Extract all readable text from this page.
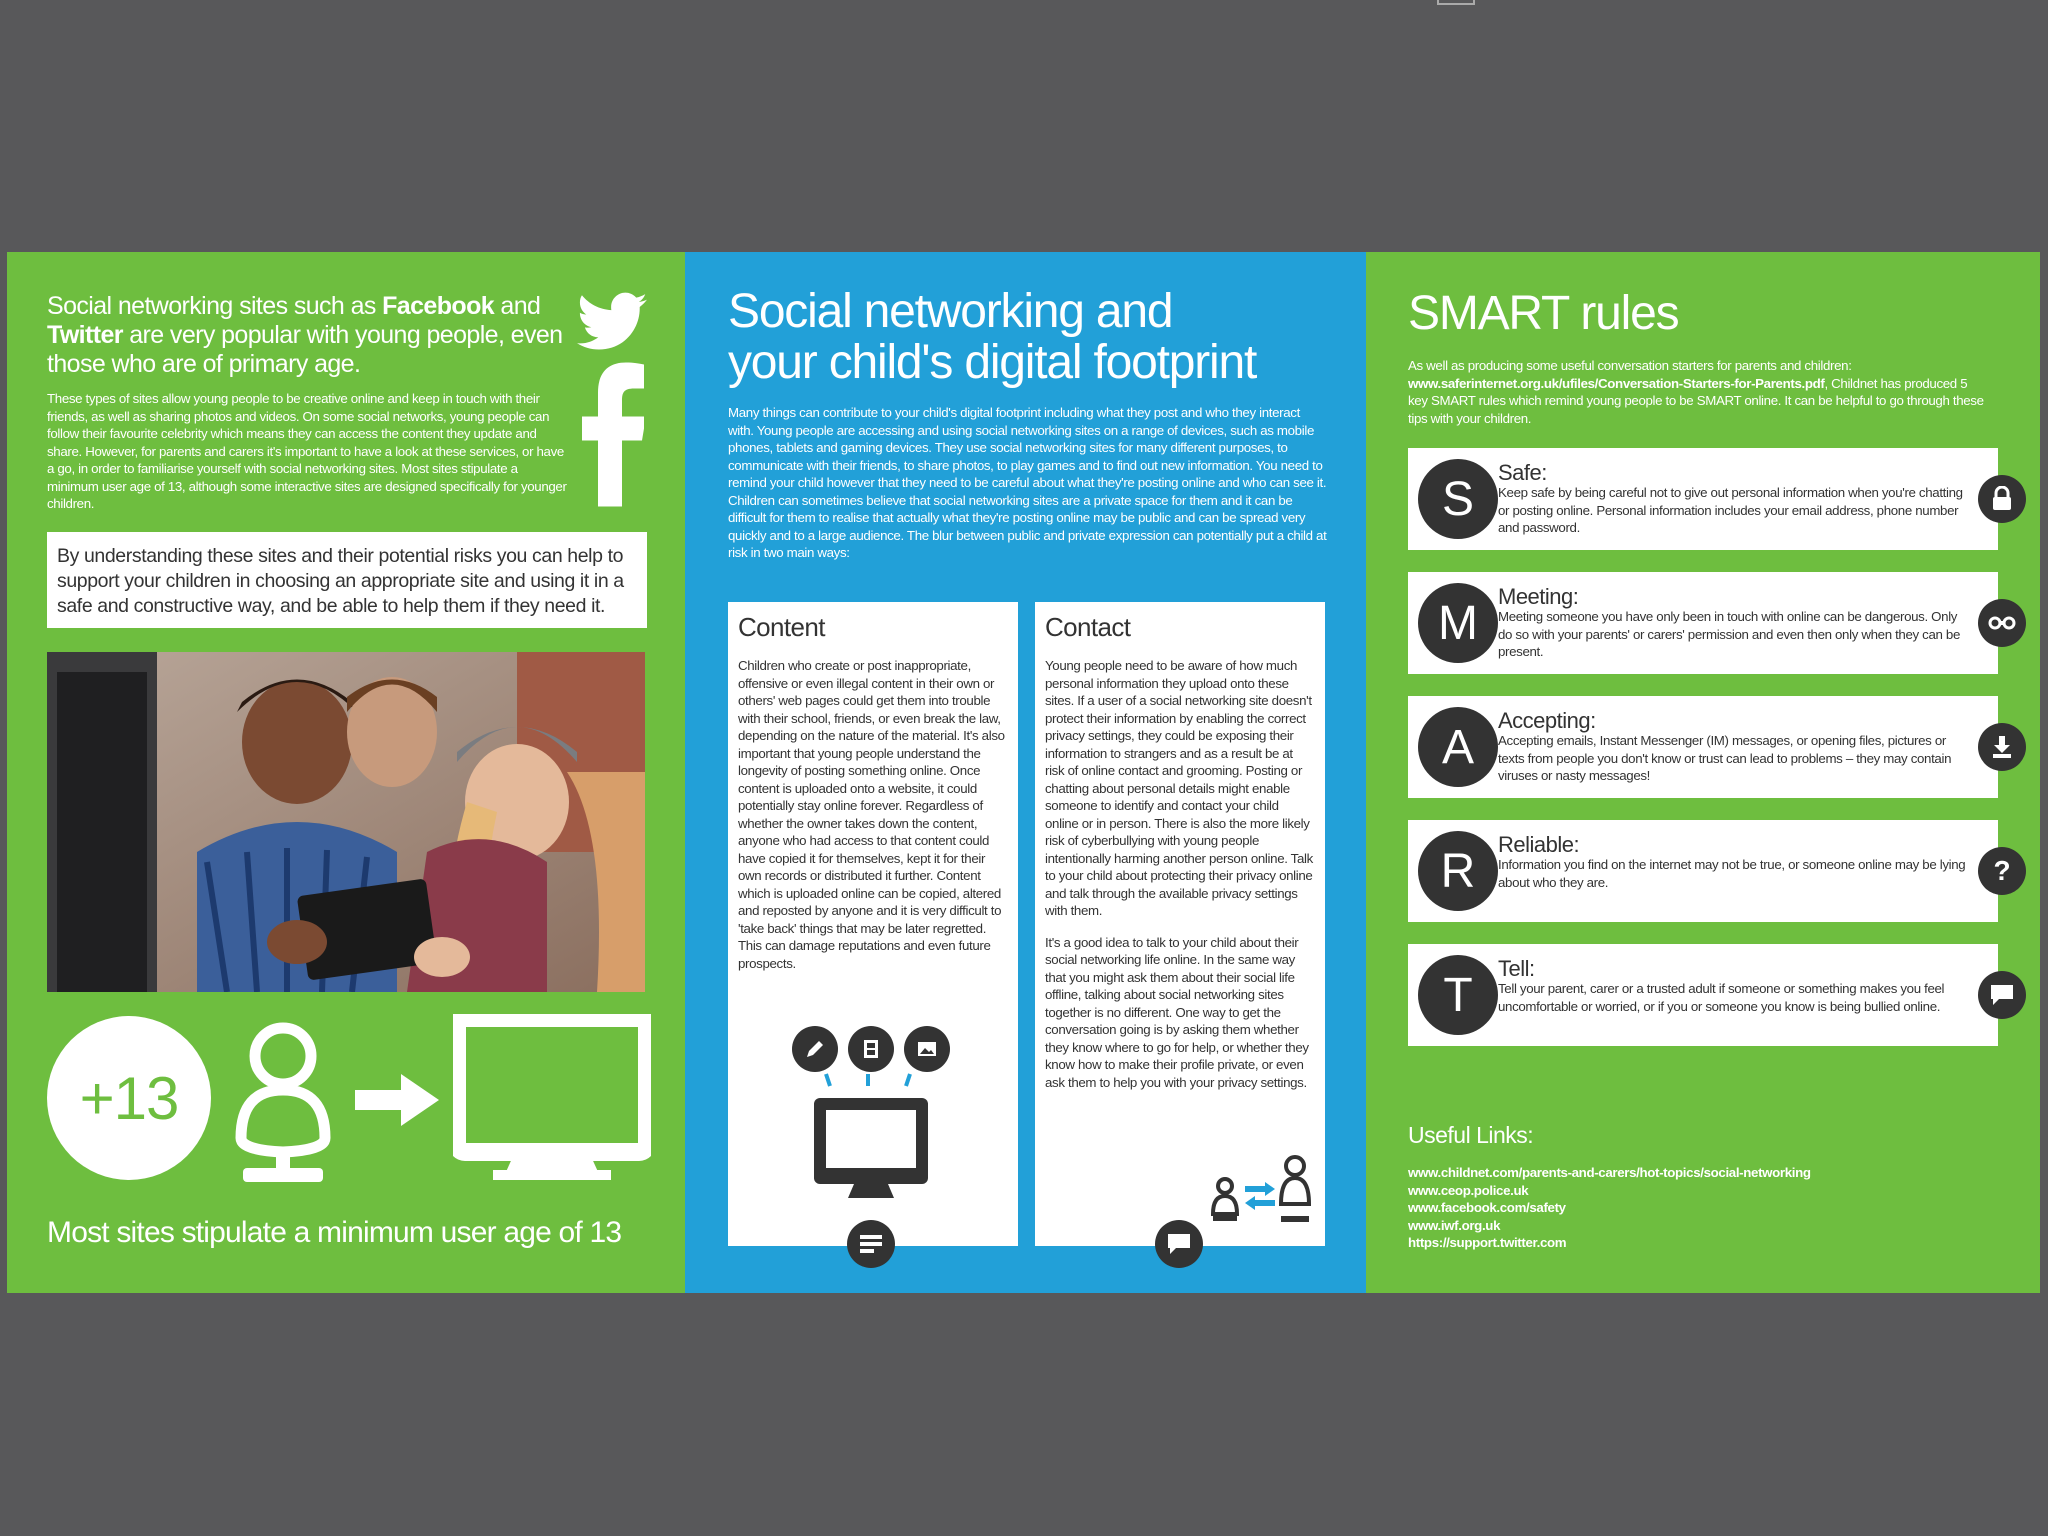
Social networking sites such as Facebook and Twitter are very popular with young people, even those who are of primary age.
These types of sites allow young people to be creative online and keep in touch with their friends, as well as sharing photos and videos. On some social networks, young people can follow their favourite celebrity which means they can access the content they update and share. However, for parents and carers it's important to have a look at these services, or have a go, in order to familiarise yourself with social networking sites. Most sites stipulate a minimum user age of 13, although some interactive sites are designed specifically for younger children.
By understanding these sites and their potential risks you can help to support your children in choosing an appropriate site and using it in a safe and constructive way, and be able to help them if they need it.
+13
Most sites stipulate a minimum user age of 13
Social networking and
your child's digital footprint
Many things can contribute to your child's digital footprint including what they post and who they interact with. Young people are accessing and using social networking sites on a range of devices, such as mobile phones, tablets and gaming devices. They use social networking sites for many different purposes, to communicate with their friends, to share photos, to play games and to find out new information. You need to remind your child however that they need to be careful about what they're posting online and who can see it. Children can sometimes believe that social networking sites are a private space for them and it can be difficult for them to realise that actually what they're posting online may be public and can be spread very quickly and to a large audience. The blur between public and private expression can potentially put a child at risk in two main ways:
Content
Children who create or post inappropriate, offensive or even illegal content in their own or others' web pages could get them into trouble with their school, friends, or even break the law, depending on the nature of the material. It's also important that young people understand the longevity of posting something online. Once content is uploaded onto a website, it could potentially stay online forever. Regardless of whether the owner takes down the content, anyone who had access to that content could have copied it for themselves, kept it for their own records or distributed it further. Content which is uploaded online can be copied, altered and reposted by anyone and it is very difficult to 'take back' things that may be later regretted. This can damage reputations and even future prospects.
Contact

Young people need to be aware of how much personal information they upload onto these sites. If a user of a social networking site doesn't protect their information by enabling the correct privacy settings, they could be exposing their information to strangers and as a result be at risk of online contact and grooming. Posting or chatting about personal details might enable someone to identify and contact your child online or in person. There is also the more likely risk of cyberbullying with young people intentionally harming another person online. Talk to your child about protecting their privacy online and talk through the available privacy settings with them.

It's a good idea to talk to your child about their social networking life online. In the same way that you might ask them about their social life offline, talking about social networking sites together is no different. One way to get the conversation going is by asking them whether they know where to go for help, or whether they know how to make their profile private, or even ask them to help you with your privacy settings.

SMART rules
As well as producing some useful conversation starters for parents and children: www.saferinternet.org.uk/ufiles/Conversation-Starters-for-Parents.pdf, Childnet has produced 5 key SMART rules which remind young people to be SMART online. It can be helpful to go through these tips with your children.
S	Safe:
Keep safe by being careful not to give out personal information when you're chatting or posting online. Personal information includes your email address, phone number and password.
M Meeting:
Meeting someone you have only been in touch with online can be dangerous. Only do so with your parents' or carers' permission and even then only when they can be present.
A	Accepting:
Accepting emails, Instant Messenger (IM) messages, or opening files, pictures or texts from people you don't know or trust can lead to problems – they may contain viruses or nasty messages!
R	Reliable:
Information you find on the internet may not be true, or someone online may be lying about who they are.	?
T	Tell:
Tell your parent, carer or a trusted adult if someone or something makes you feel uncomfortable or worried, or if you or someone you know is being bullied online.
Useful Links:
www.childnet.com/parents-and-carers/hot-topics/social-networking
www.ceop.police.uk
www.facebook.com/safety
www.iwf.org.uk
https://support.twitter.com
